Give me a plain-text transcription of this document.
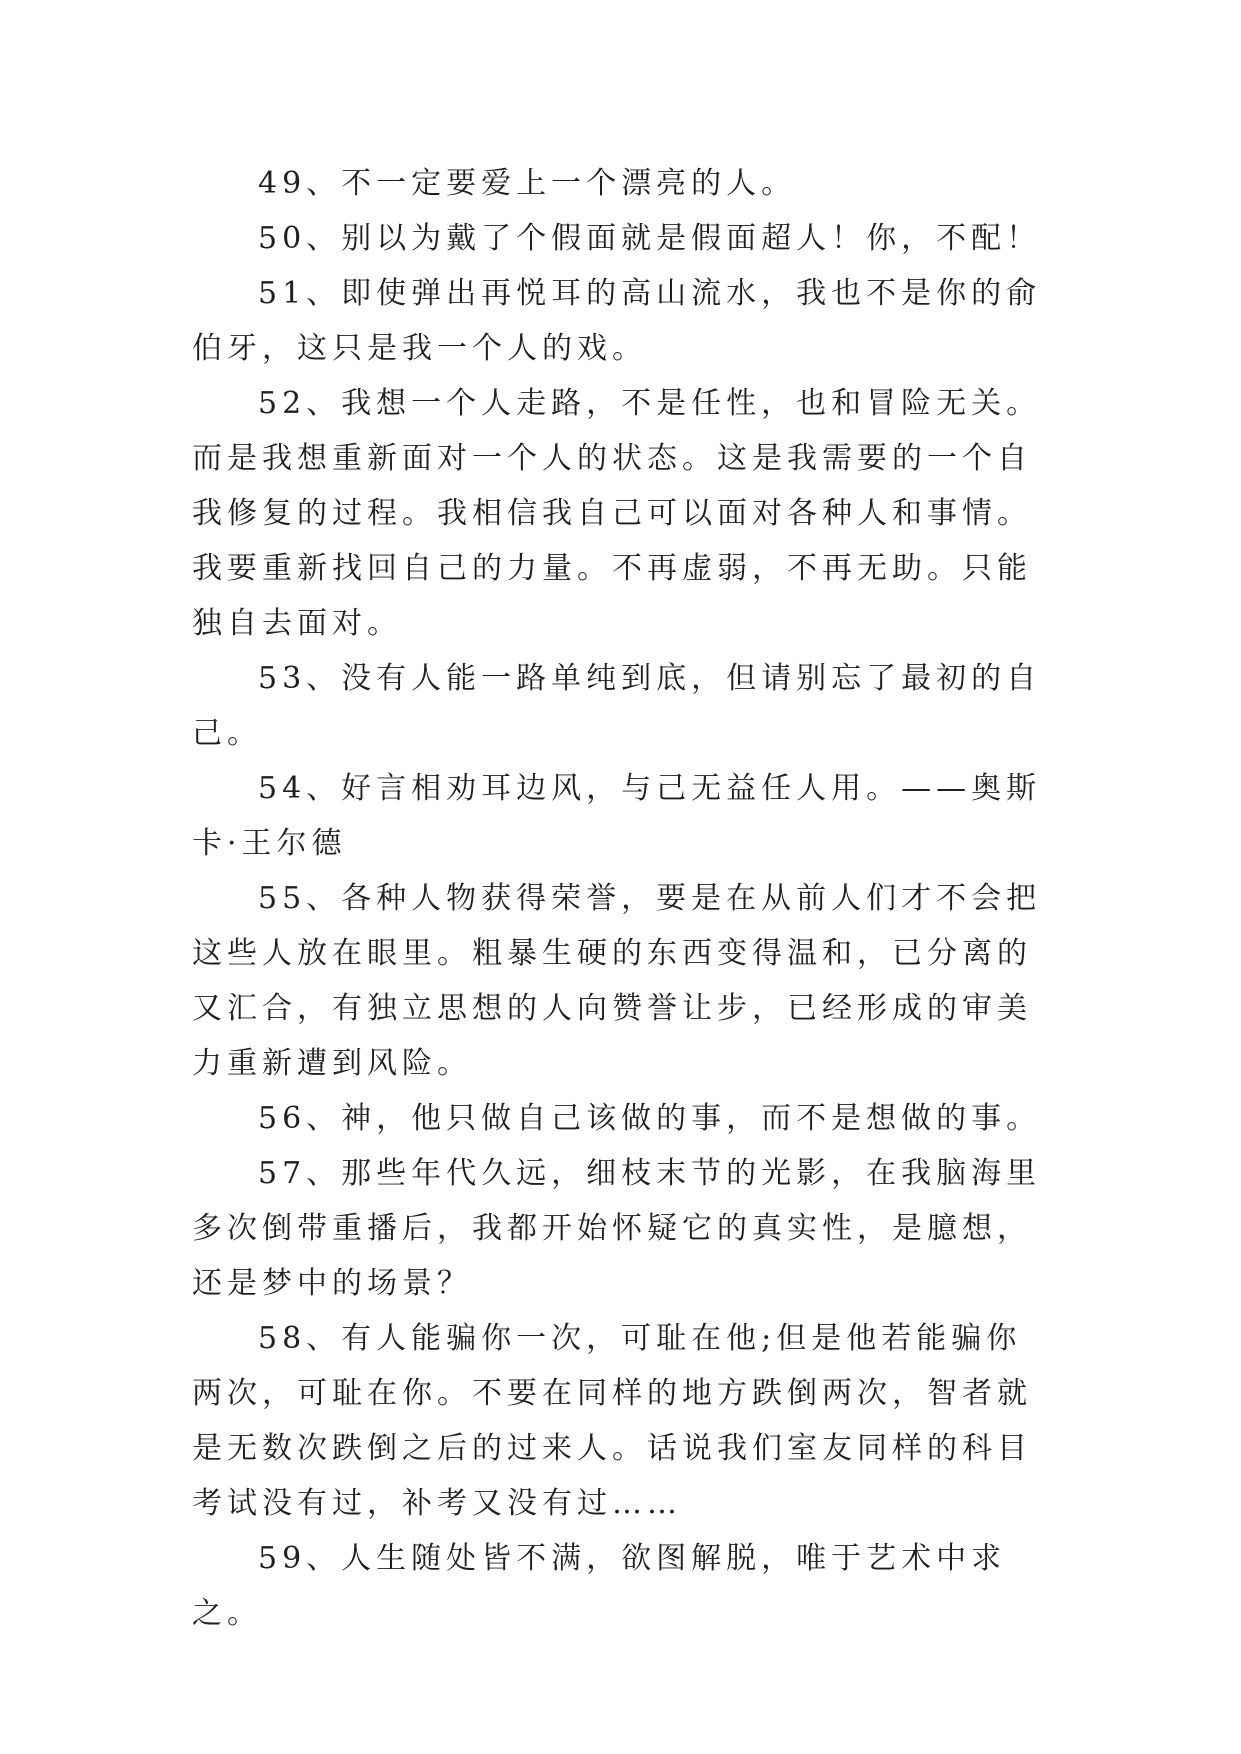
49、不一定要爱上一个漂亮的人。

50、别以为戴了个假面就是假面超人！你，不配！

51、即使弹出再悦耳的高山流水，我也不是你的俞伯牙，这只是我一个人的戏。

52、我想一个人走路，不是任性，也和冒险无关。而是我想重新面对一个人的状态。这是我需要的一个自我修复的过程。我相信我自己可以面对各种人和事情。我要重新找回自己的力量。不再虚弱，不再无助。只能独自去面对。

53、没有人能一路单纯到底，但请别忘了最初的自己。

54、好言相劝耳边风，与己无益任人用。——奥斯卡·王尔德

55、各种人物获得荣誉，要是在从前人们才不会把这些人放在眼里。粗暴生硬的东西变得温和，已分离的又汇合，有独立思想的人向赞誉让步，已经形成的审美力重新遭到风险。

56、神，他只做自己该做的事，而不是想做的事。

57、那些年代久远，细枝末节的光影，在我脑海里多次倒带重播后，我都开始怀疑它的真实性，是臆想，还是梦中的场景？

58、有人能骗你一次，可耻在他;但是他若能骗你两次，可耻在你。不要在同样的地方跌倒两次，智者就是无数次跌倒之后的过来人。话说我们室友同样的科目考试没有过，补考又没有过……

59、人生随处皆不满，欲图解脱，唯于艺术中求之。
